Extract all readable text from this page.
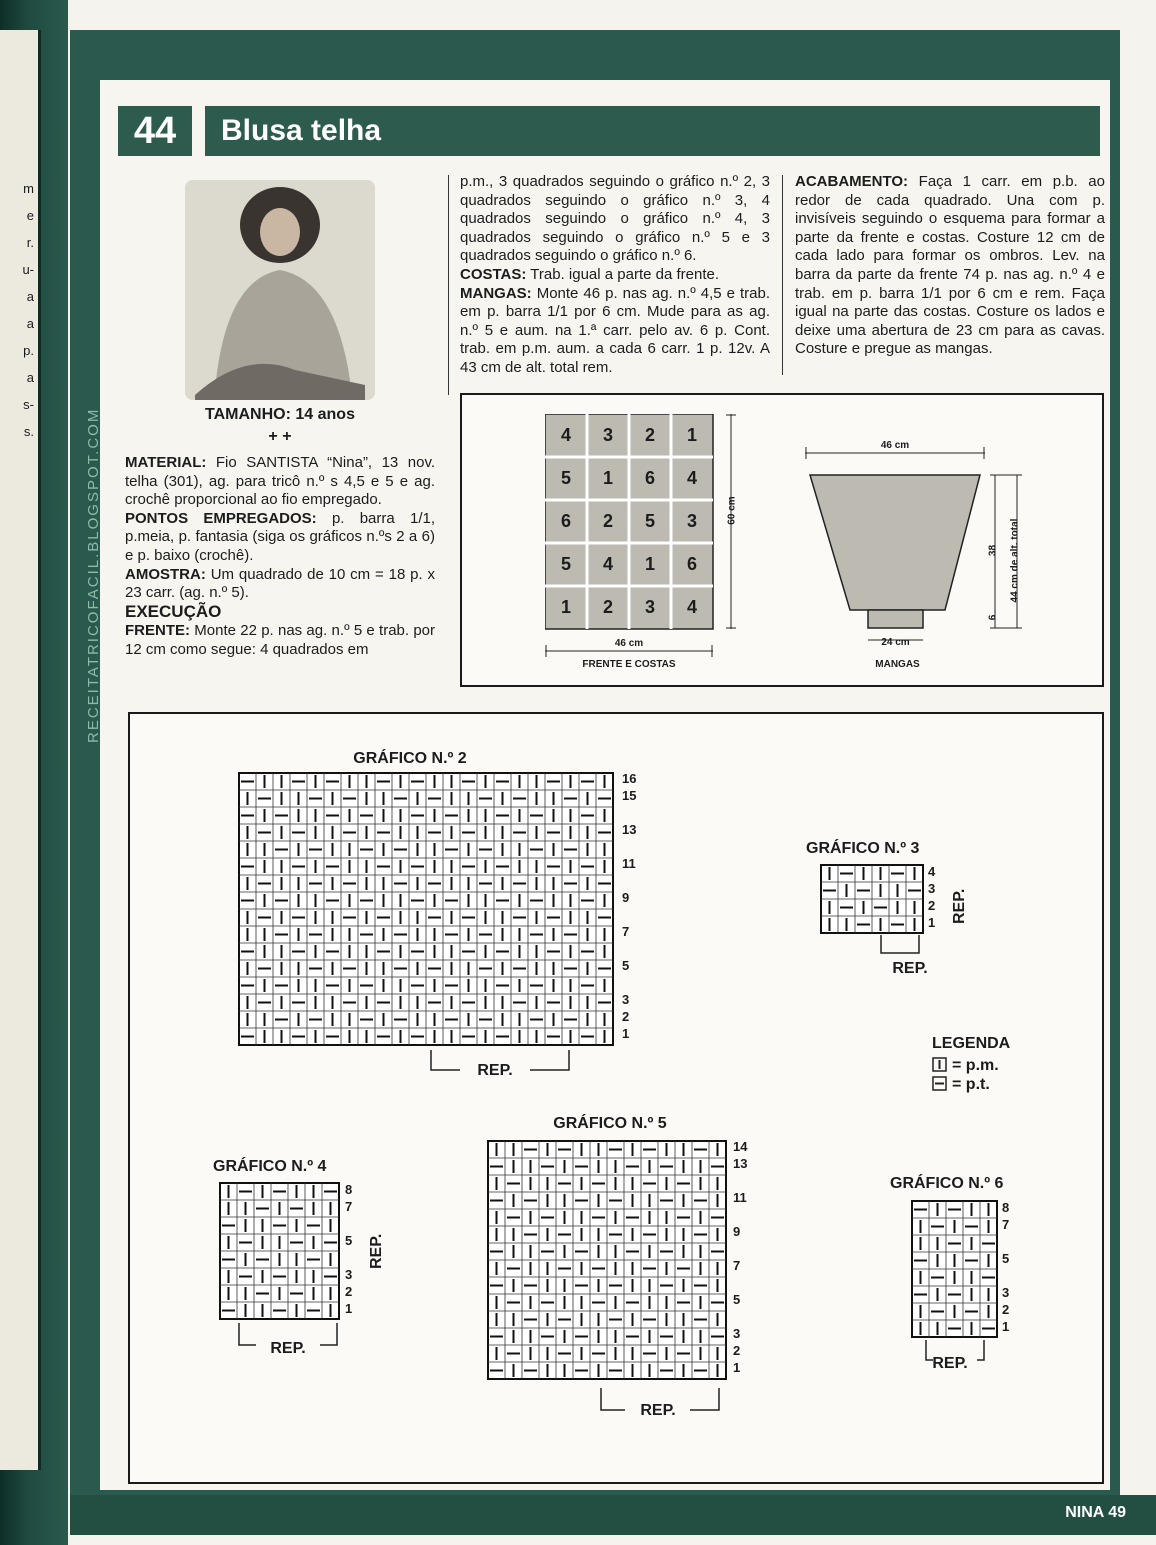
m
e
r.
u-
a
a
p.
a
s-
s.
NINA 49
RECEITATRICOFACIL.BLOGSPOT.COM
44	Blusa telha
TAMANHO: 14 anos
+ +
MATERIAL: Fio SANTISTA “Nina”, 13 nov. telha (301), ag. para tricô n.º s 4,5 e 5 e ag. crochê proporcional ao fio empregado.
PONTOS EMPREGADOS: p. barra 1/1, p.meia, p. fantasia (siga os gráficos n.ºs 2 a 6) e p. baixo (crochê).
AMOSTRA: Um quadrado de 10 cm = 18 p. x 23 carr. (ag. n.º 5).
EXECUÇÃO
FRENTE: Monte 22 p. nas ag. n.º 5 e trab. por 12 cm como segue: 4 quadrados em
p.m., 3 quadrados seguindo o gráfico n.º 2, 3 quadrados seguindo o gráfico n.º 3, 4 quadrados seguindo o gráfico n.º 4, 3 quadrados seguindo o gráfico n.º 5 e 3 quadrados seguindo o gráfico n.º 6.
COSTAS: Trab. igual a parte da frente.
MANGAS: Monte 46 p. nas ag. n.º 4,5 e trab. em p. barra 1/1 por 6 cm. Mude para as ag. n.º 5 e aum. na 1.ª carr. pelo av. 6 p. Cont. trab. em p.m. aum. a cada 6 carr. 1 p. 12v. A 43 cm de alt. total rem.
ACABAMENTO: Faça 1 carr. em p.b. ao redor de cada quadrado. Una com p. invisíveis seguindo o esquema para formar a parte da frente e costas. Costure 12 cm de cada lado para formar os ombros. Lev. na barra da parte da frente 74 p. nas ag. n.º 4 e trab. em p. barra 1/1 por 6 cm e rem. Faça igual na parte das costas. Costure os lados e deixe uma abertura de 23 cm para as cavas. Costure e pregue as mangas.
4	3	2	1
5	1	6	4
6	2	5	3
5	4	1	6
1	2	3	4
60 cm
46 cm
FRENTE E COSTAS
46 cm
38
6
44 cm de alt. total
24 cm
MANGAS
GRÁFICO N.º 2
16
15
13
11
9
7
5
3
2
1
REP.
GRÁFICO N.º 3
4
3
2
1 REP.
REP.
LEGENDA
= p.m.
= p.t.
GRÁFICO N.º 5
14
13
11
9
7
5
3
2
1
REP.
GRÁFICO N.º 4
8
7
5
3
2
1
REP.
REP.
GRÁFICO N.º 6
8
7
5
3
2
1
REP.
